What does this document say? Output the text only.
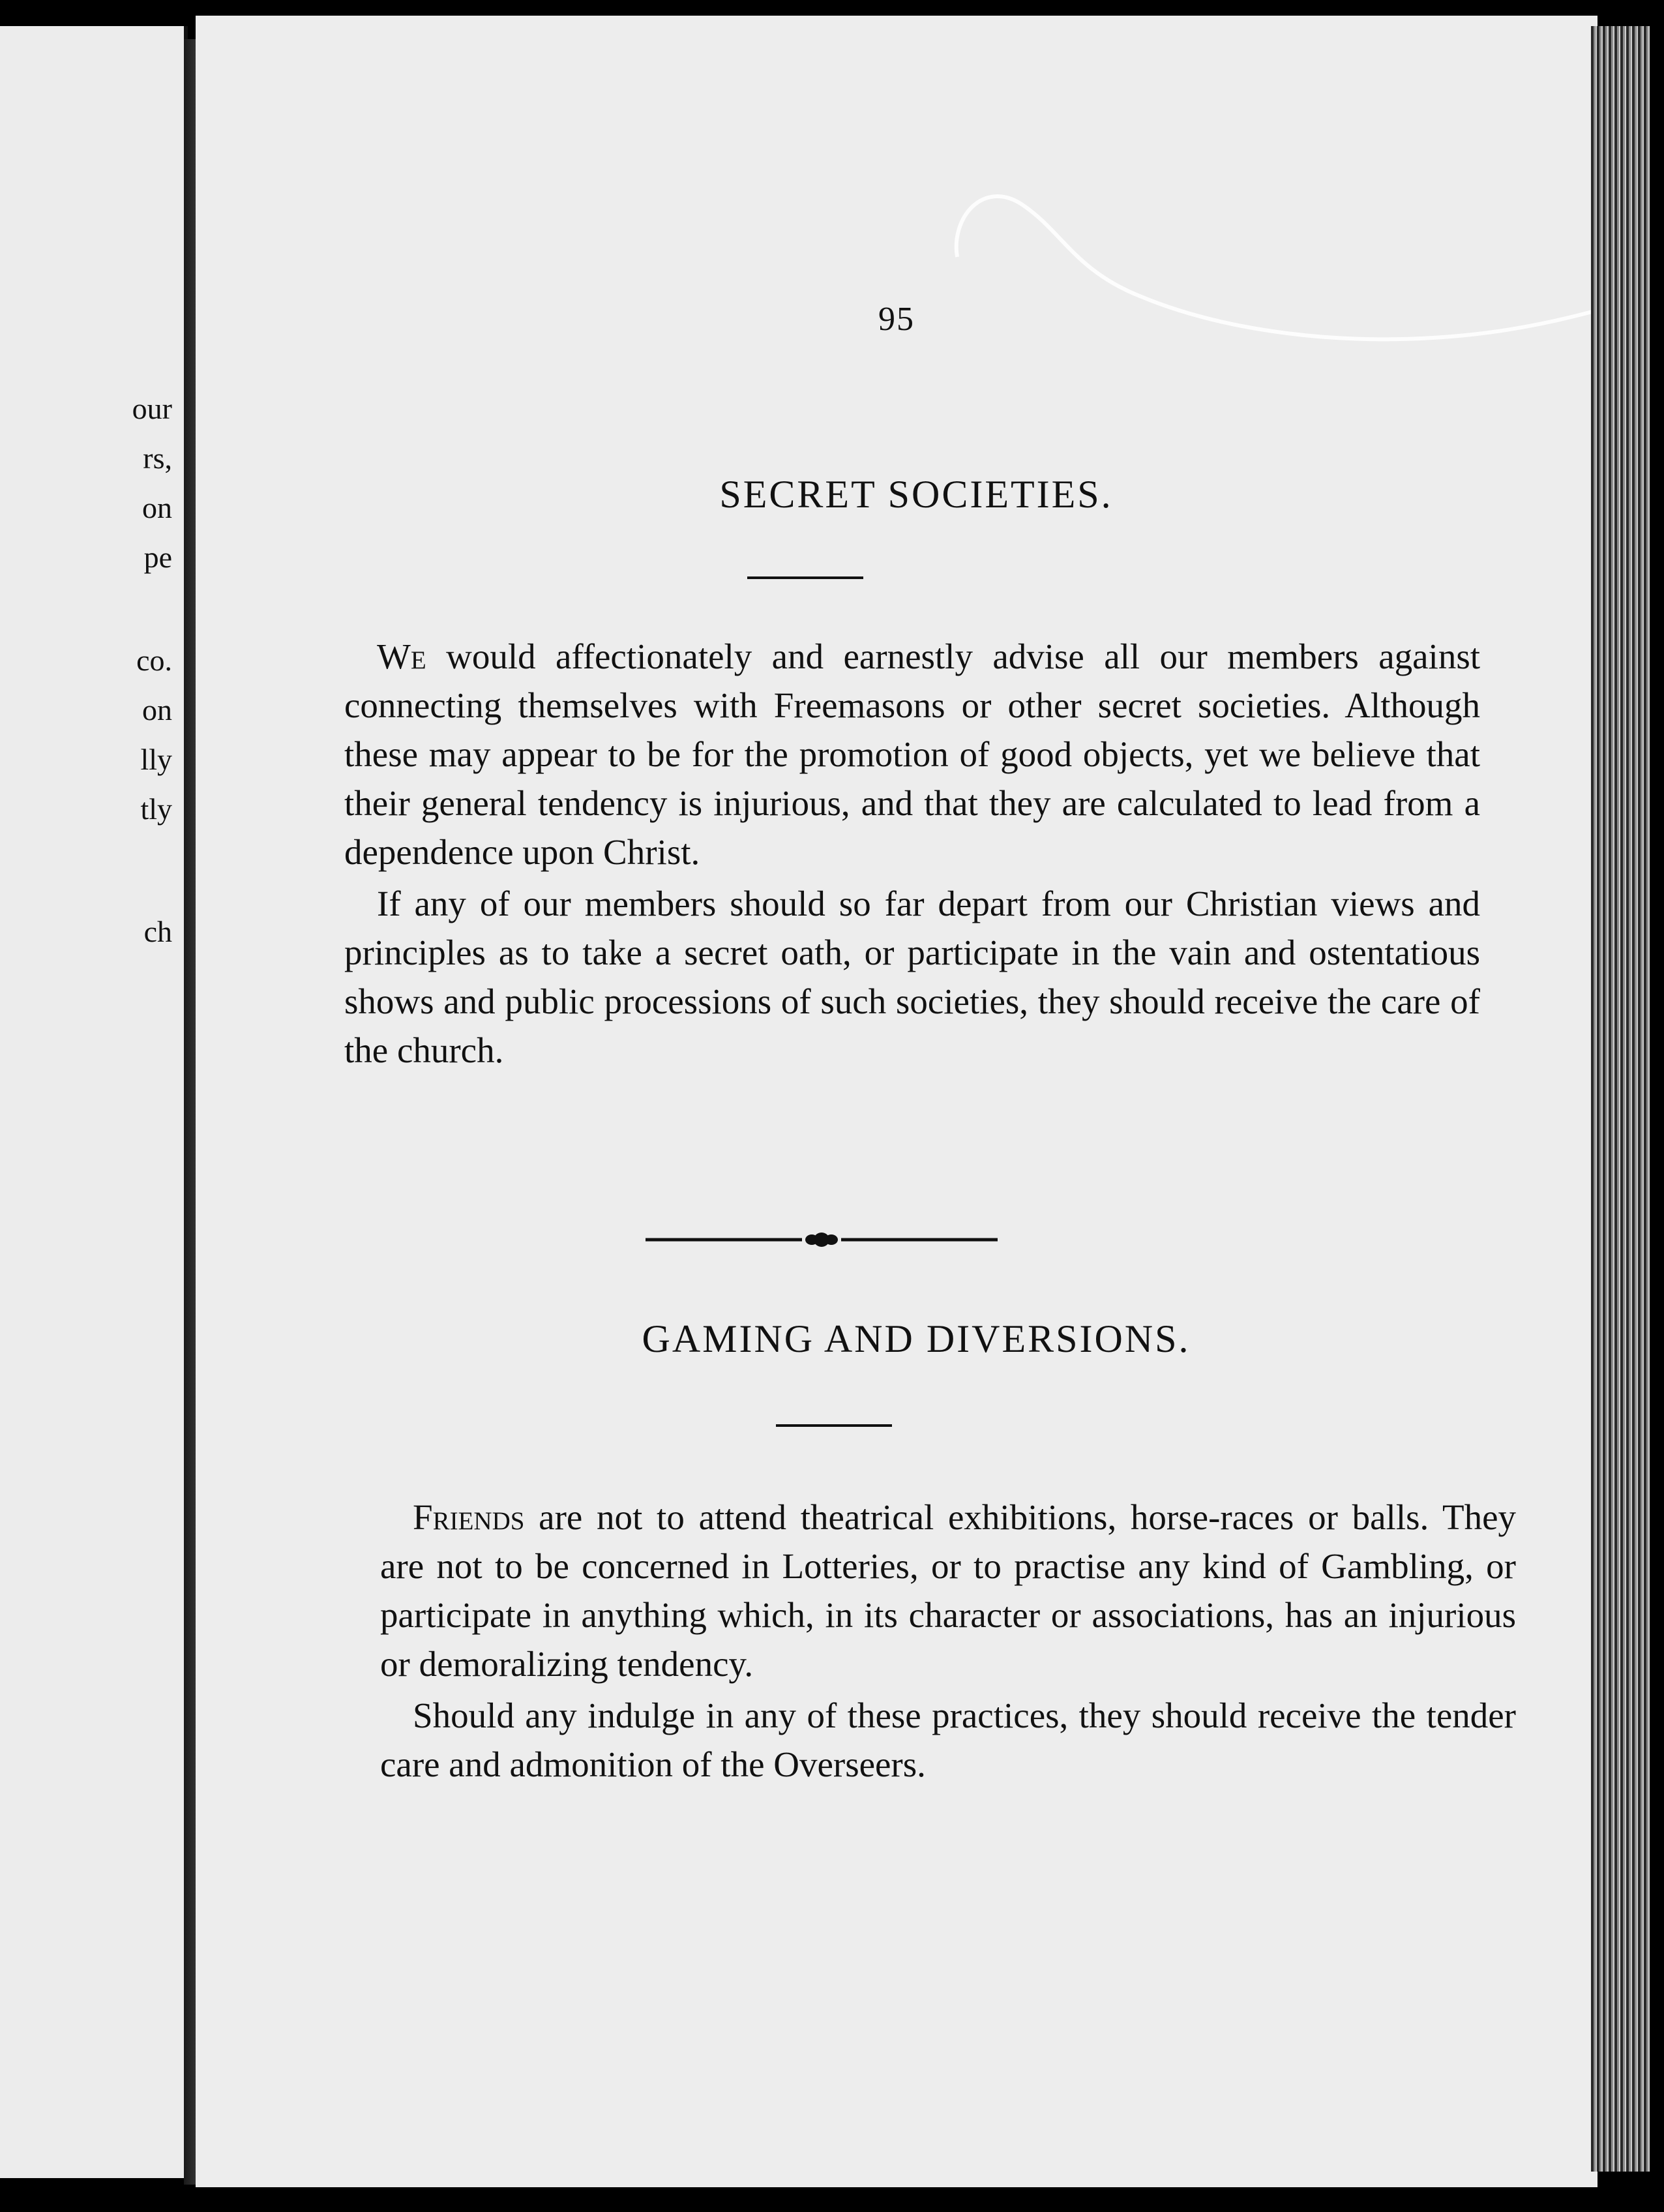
our
rs,
on
pe
co.
on
lly
tly
ch
95
SECRET SOCIETIES.

We would affectionately and earnestly advise all our members against connecting themselves with Freemasons or other secret societies. Although these may appear to be for the promotion of good objects, yet we believe that their general tendency is injurious, and that they are calculated to lead from a dependence upon Christ.

If any of our members should so far depart from our Christian views and principles as to take a secret oath, or participate in the vain and ostentatious shows and public processions of such societies, they should receive the care of the church.

GAMING AND DIVERSIONS.

Friends are not to attend theatrical exhibitions, horse-races or balls. They are not to be concerned in Lotteries, or to practise any kind of Gambling, or participate in anything which, in its character or associations, has an injurious or demoralizing tendency.

Should any indulge in any of these practices, they should receive the tender care and admonition of the Overseers.
